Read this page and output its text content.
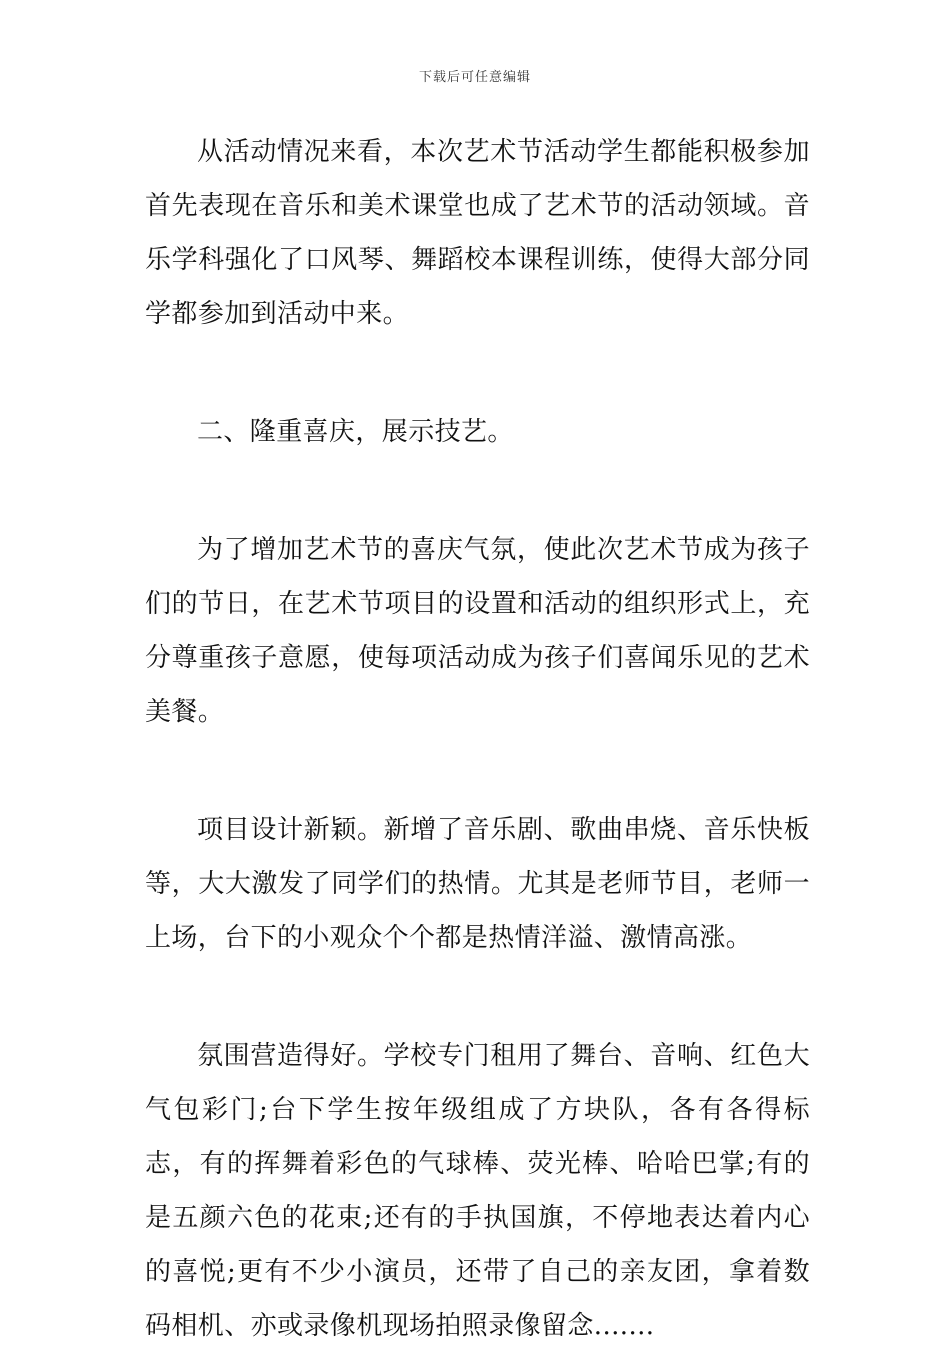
下载后可任意编辑

从活动情况来看，本次艺术节活动学生都能积极参加首先表现在音乐和美术课堂也成了艺术节的活动领域。音乐学科强化了口风琴、舞蹈校本课程训练，使得大部分同学都参加到活动中来。

二、隆重喜庆，展示技艺。

为了增加艺术节的喜庆气氛，使此次艺术节成为孩子们的节日，在艺术节项目的设置和活动的组织形式上，充分尊重孩子意愿，使每项活动成为孩子们喜闻乐见的艺术美餐。

项目设计新颖。新增了音乐剧、歌曲串烧、音乐快板等，大大激发了同学们的热情。尤其是老师节目，老师一上场，台下的小观众个个都是热情洋溢、激情高涨。

氛围营造得好。学校专门租用了舞台、音响、红色大气包彩门;台下学生按年级组成了方块队，各有各得标志，有的挥舞着彩色的气球棒、荧光棒、哈哈巴掌;有的是五颜六色的花束;还有的手执国旗，不停地表达着内心的喜悦;更有不少小演员，还带了自己的亲友团，拿着数码相机、亦或录像机现场拍照录像留念.......
